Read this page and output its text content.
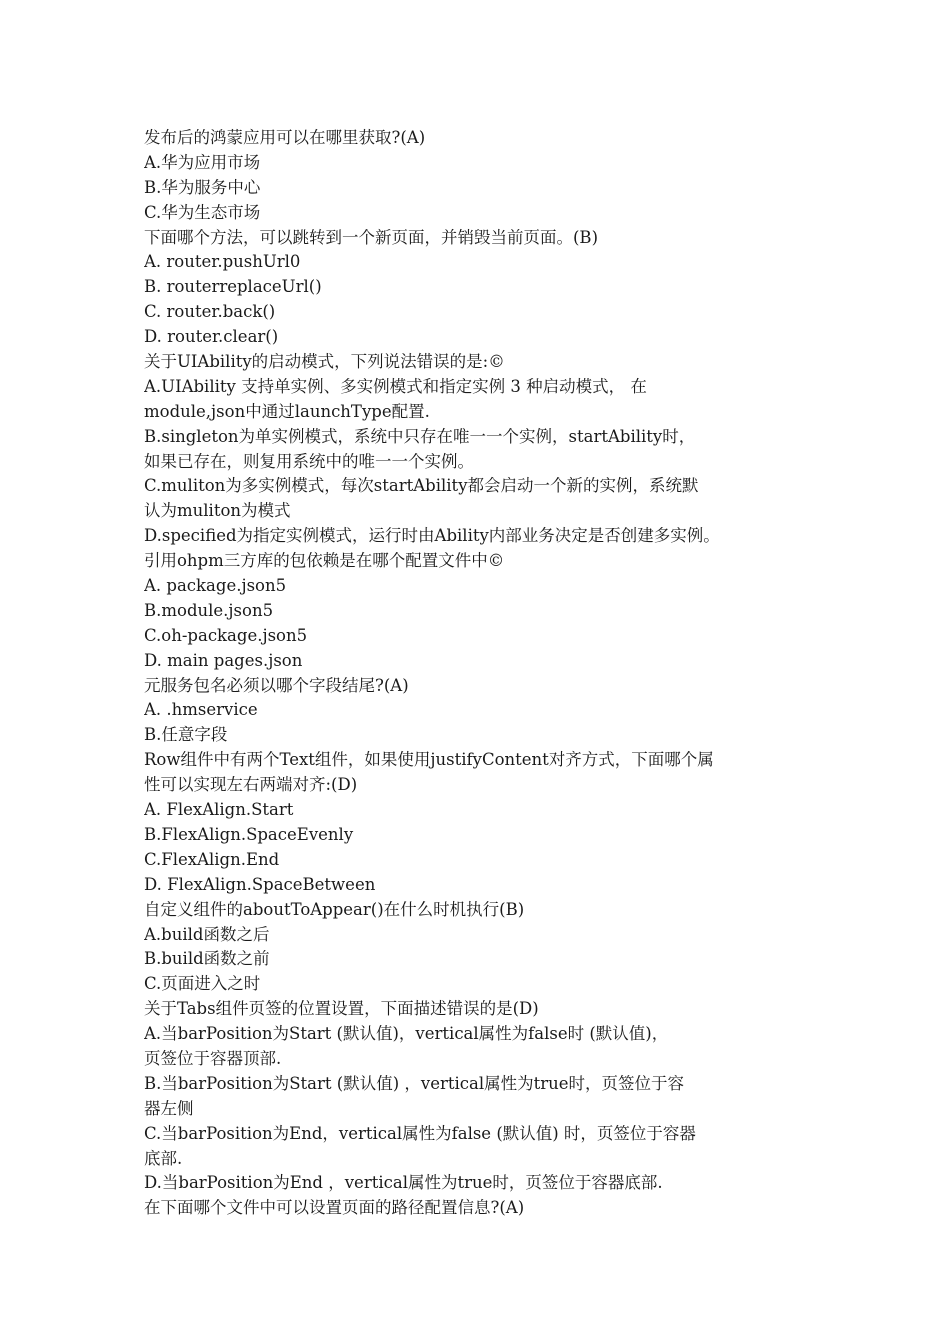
发布后的鸿蒙应用可以在哪里获取?(A)
A.华为应用市场
B.华为服务中心
C.华为生态市场
下面哪个方法，可以跳转到一个新页面，并销毁当前页面。(B)
A. router.pushUrl0
B. routerreplaceUrl()
C. router.back()
D. router.clear()
关于UIAbility的启动模式，下列说法错误的是:©
A.UIAbility 支持单实例、多实例模式和指定实例 3 种启动模式， 在
module,json中通过launchType配置.
B.singleton为单实例模式，系统中只存在唯一一个实例，startAbility时，
如果已存在，则复用系统中的唯一一个实例。
C.muliton为多实例模式，每次startAbility都会启动一个新的实例，系统默
认为muliton为模式
D.specified为指定实例模式，运行时由Ability内部业务决定是否创建多实例。
引用ohpm三方库的包依赖是在哪个配置文件中©
A. package.json5
B.module.json5
C.oh-package.json5
D. main pages.json
元服务包名必须以哪个字段结尾?(A)
A. .hmservice
B.任意字段
Row组件中有两个Text组件，如果使用justifyContent对齐方式，下面哪个属
性可以实现左右两端对齐:(D)
A. FlexAlign.Start
B.FlexAlign.SpaceEvenly
C.FlexAlign.End
D. FlexAlign.SpaceBetween
自定义组件的aboutToAppear()在什么时机执行(B)
A.build函数之后
B.build函数之前
C.页面进入之时
关于Tabs组件页签的位置设置，下面描述错误的是(D)
A.当barPosition为Start (默认值)，vertical属性为false时 (默认值)，
页签位于容器顶部.
B.当barPosition为Start (默认值) ，vertical属性为true时，页签位于容
器左侧
C.当barPosition为End，vertical属性为false (默认值) 时，页签位于容器
底部.
D.当barPosition为End ，vertical属性为true时，页签位于容器底部.
在下面哪个文件中可以设置页面的路径配置信息?(A)
